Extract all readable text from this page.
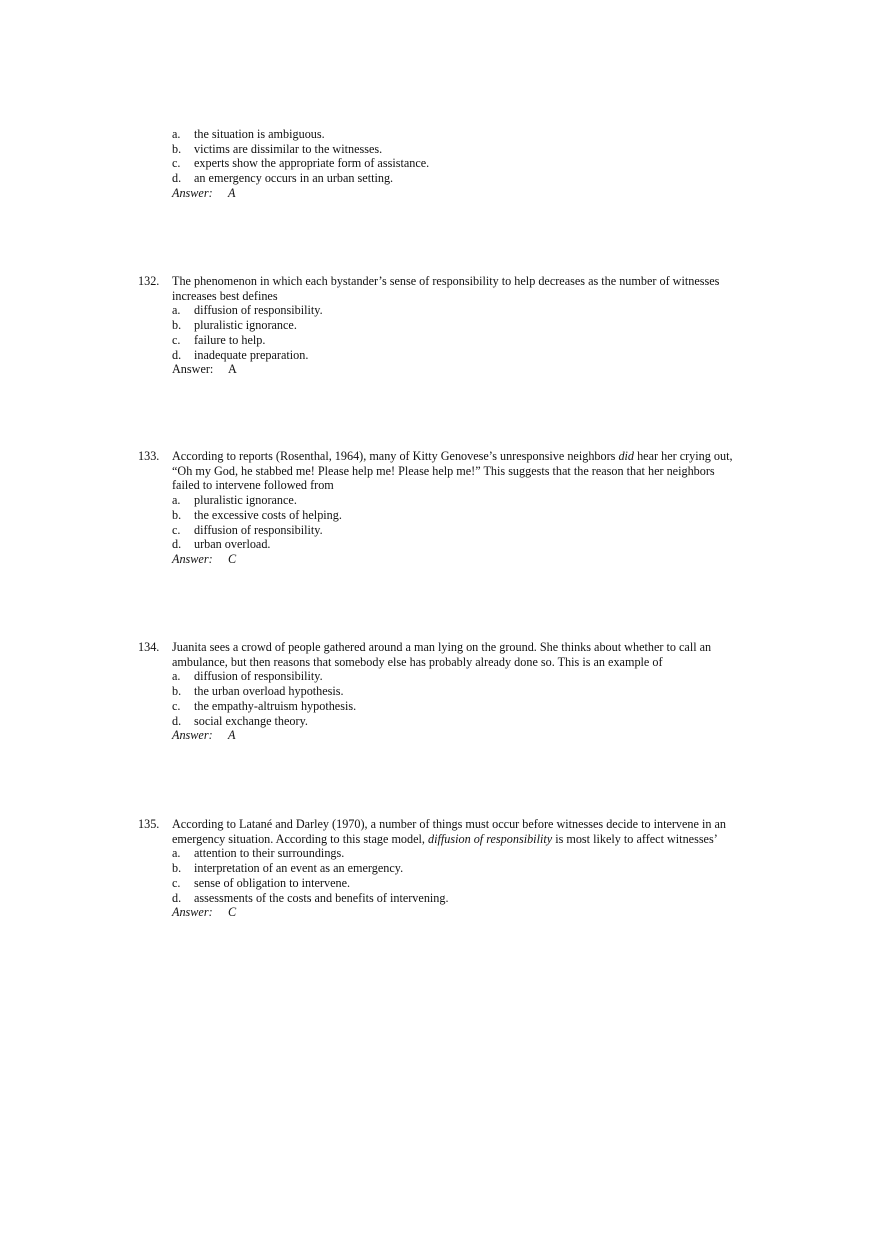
a. the situation is ambiguous.
b. victims are dissimilar to the witnesses.
c. experts show the appropriate form of assistance.
d. an emergency occurs in an urban setting.
Answer: A
132. The phenomenon in which each bystander’s sense of responsibility to help decreases as the number of witnesses increases best defines
a. diffusion of responsibility.
b. pluralistic ignorance.
c. failure to help.
d. inadequate preparation.
Answer: A
133. According to reports (Rosenthal, 1964), many of Kitty Genovese’s unresponsive neighbors did hear her crying out, “Oh my God, he stabbed me! Please help me! Please help me!” This suggests that the reason that her neighbors failed to intervene followed from
a. pluralistic ignorance.
b. the excessive costs of helping.
c. diffusion of responsibility.
d. urban overload.
Answer: C
134. Juanita sees a crowd of people gathered around a man lying on the ground. She thinks about whether to call an ambulance, but then reasons that somebody else has probably already done so. This is an example of
a. diffusion of responsibility.
b. the urban overload hypothesis.
c. the empathy-altruism hypothesis.
d. social exchange theory.
Answer: A
135. According to Latané and Darley (1970), a number of things must occur before witnesses decide to intervene in an emergency situation. According to this stage model, diffusion of responsibility is most likely to affect witnesses’
a. attention to their surroundings.
b. interpretation of an event as an emergency.
c. sense of obligation to intervene.
d. assessments of the costs and benefits of intervening.
Answer: C
